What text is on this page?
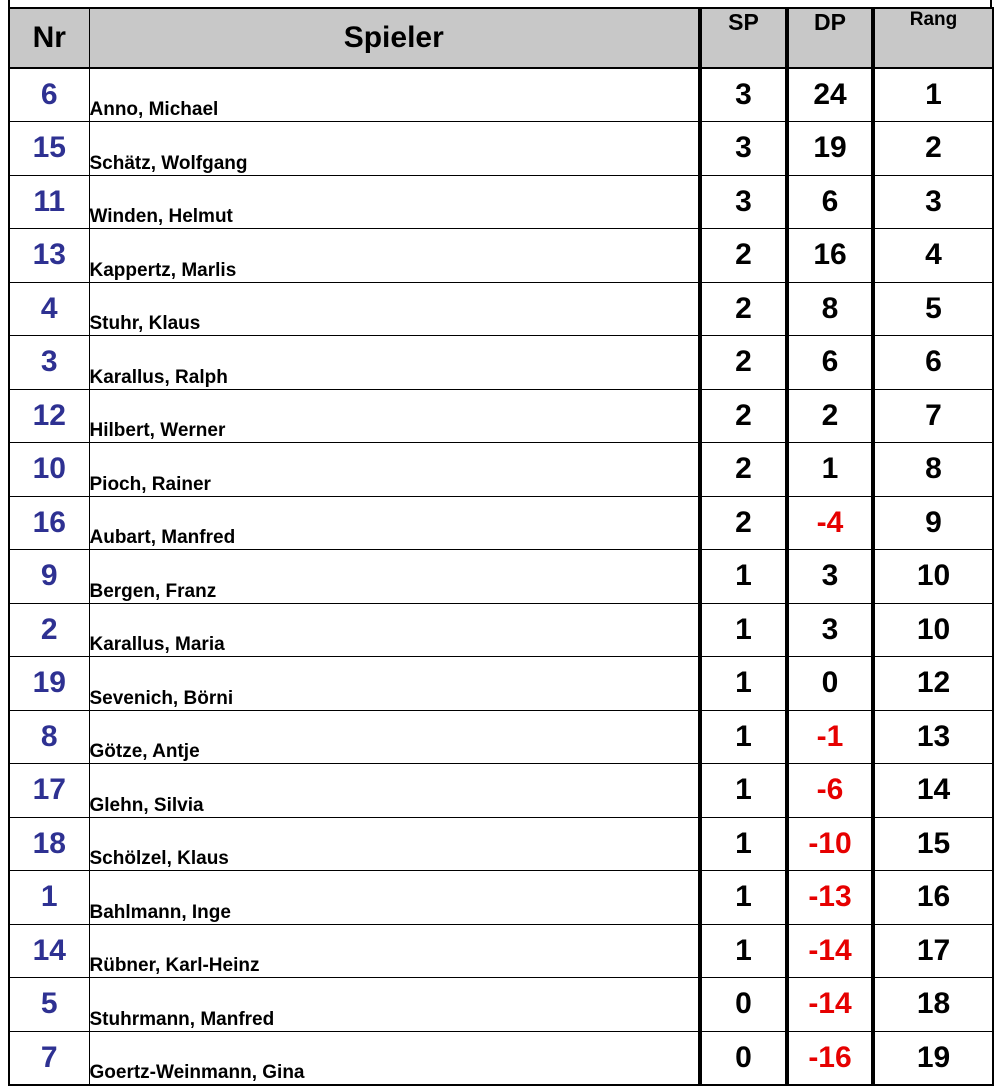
Nr	Spieler	SP	DP	Rang
6	Anno, Michael	3	24	1
15	Schätz, Wolfgang	3	19	2
11	Winden, Helmut	3	6	3
13	Kappertz, Marlis	2	16	4
4	Stuhr, Klaus	2	8	5
3	Karallus, Ralph	2	6	6
12	Hilbert, Werner	2	2	7
10	Pioch, Rainer	2	1	8
16	Aubart, Manfred	2	-4	9
9	Bergen, Franz	1	3	10
2	Karallus, Maria	1	3	10
19	Sevenich, Börni	1	0	12
8	Götze, Antje	1	-1	13
17	Glehn, Silvia	1	-6	14
18	Schölzel, Klaus	1	-10	15
1	Bahlmann, Inge	1	-13	16
14	Rübner, Karl-Heinz	1	-14	17
5	Stuhrmann, Manfred	0	-14	18
7	Goertz-Weinmann, Gina	0	-16	19
